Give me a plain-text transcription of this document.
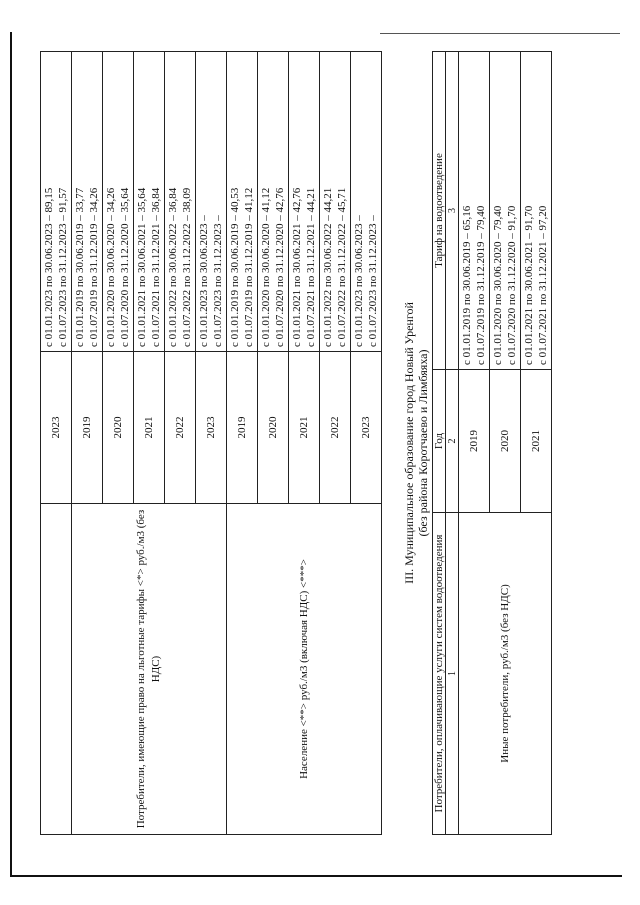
	2023	с 01.01.2023 по 30.06.2023 – 89,15 с 01.07.2023 по 31.12.2023 – 91,57

Потребители, имеющие право на льготные тарифы <*> руб./м3 (без НДС)	2019	с 01.01.2019 по 30.06.2019 – 33,77 с 01.07.2019 по 31.12.2019 – 34,26

	2020	с 01.01.2020 по 30.06.2020 – 34,26 с 01.07.2020 по 31.12.2020 – 35,64

	2021	с 01.01.2021 по 30.06.2021 – 35,64 с 01.07.2021 по 31.12.2021 – 36,84

	2022	с 01.01.2022 по 30.06.2022 – 36,84 с 01.07.2022 по 31.12.2022 – 38,09

	2023	с 01.01.2023 по 30.06.2023 – с 01.07.2023 по 31.12.2023 –

Население <**> руб./м3 (включая НДС) <***>	2019	с 01.01.2019 по 30.06.2019 – 40,53 с 01.07.2019 по 31.12.2019 – 41,12

	2020	с 01.01.2020 по 30.06.2020 – 41,12 с 01.07.2020 по 31.12.2020 – 42,76

	2021	с 01.01.2021 по 30.06.2021 – 42,76 с 01.07.2021 по 31.12.2021 – 44,21

	2022	с 01.01.2022 по 30.06.2022 – 44,21 с 01.07.2022 по 31.12.2022 – 45,71

	2023	с 01.01.2023 по 30.06.2023 – с 01.07.2023 по 31.12.2023 –
III. Муниципальное образование город Новый Уренгой (без района Коротчаево и Лимбяяха)
Потребители, оплачивающие услуги систем водоотведения	Год	Тариф на водоотведение
1	2	3
Иные потребители, руб./м3 (без НДС)	2019	с 01.01.2019 по 30.06.2019 – 65,16 с 01.07.2019 по 31.12.2019 – 79,40

	2020	с 01.01.2020 по 30.06.2020 – 79,40 с 01.07.2020 по 31.12.2020 – 91,70

	2021	с 01.01.2021 по 30.06.2021 – 91,70 с 01.07.2021 по 31.12.2021 – 97,20
